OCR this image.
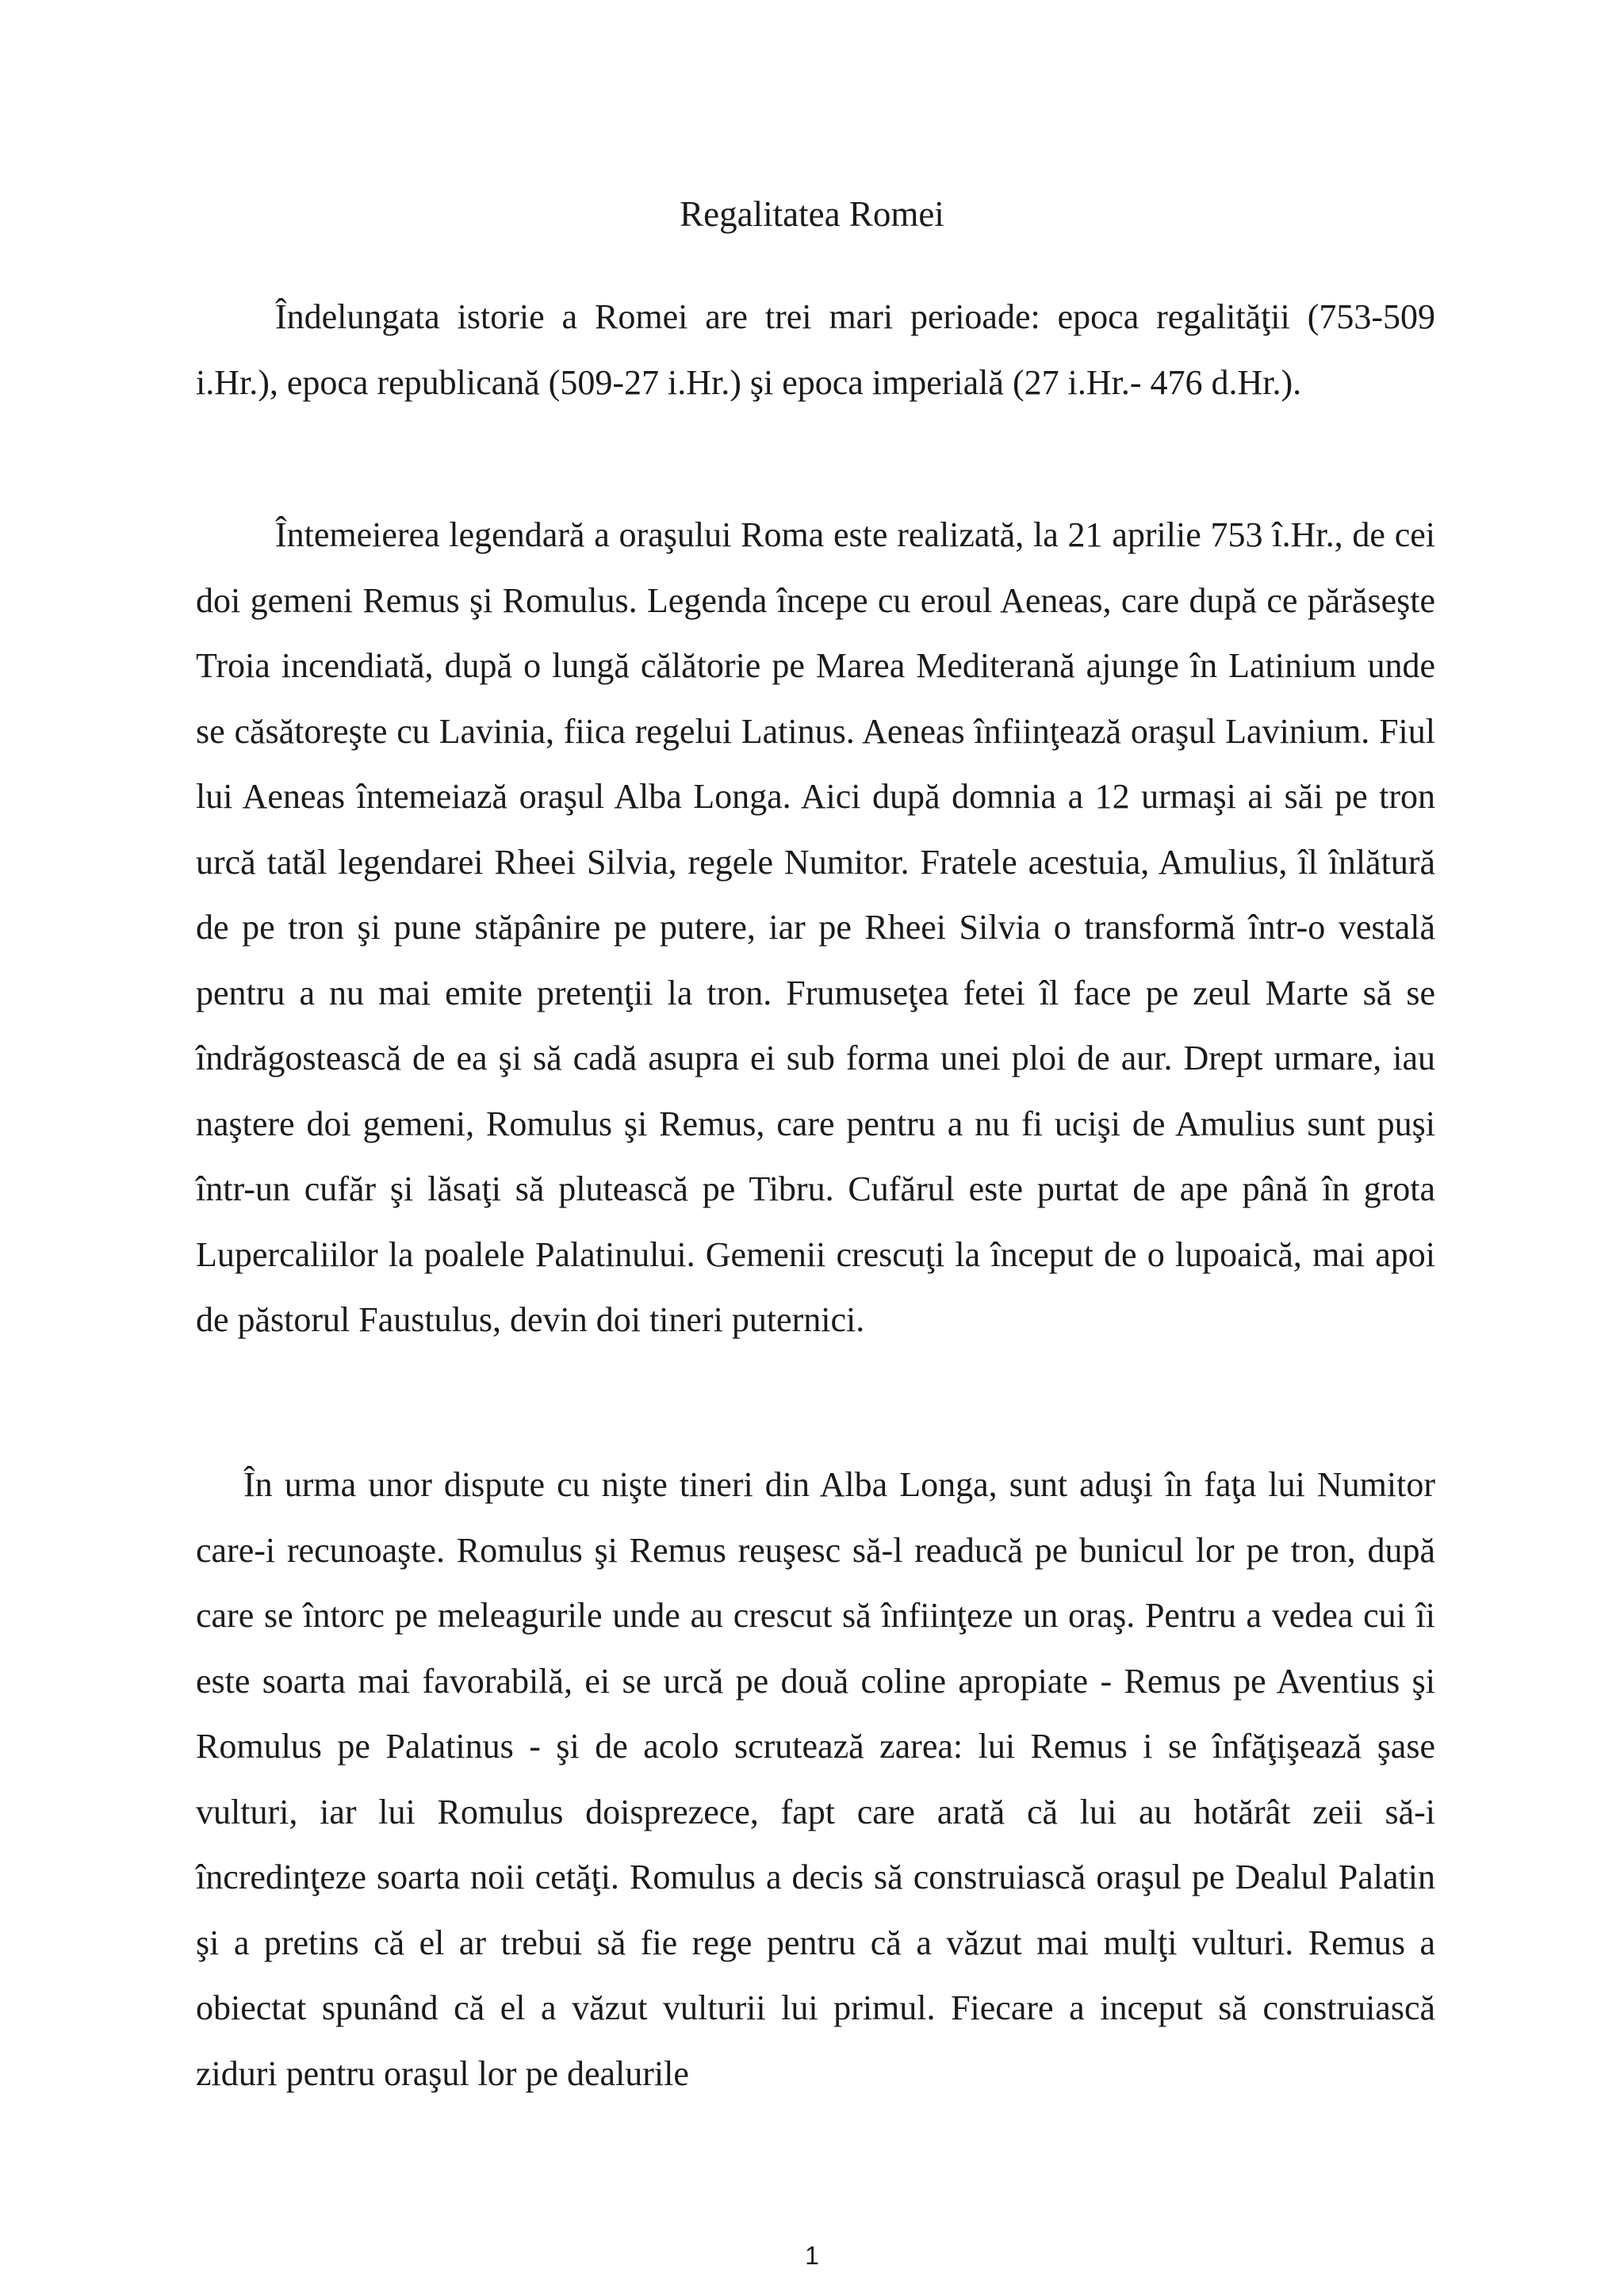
Regalitatea Romei

Îndelungata istorie a Romei are trei mari perioade: epoca regalităţii (753-509 i.Hr.), epoca republicană (509-27 i.Hr.) şi epoca imperială (27 i.Hr.- 476 d.Hr.).

Întemeierea legendară a oraşului Roma este realizată, la 21 aprilie 753 î.Hr., de cei doi gemeni Remus şi Romulus. Legenda începe cu eroul Aeneas, care după ce părăseşte Troia incendiată, după o lungă călătorie pe Marea Mediterană ajunge în Latinium unde se căsătoreşte cu Lavinia, fiica regelui Latinus. Aeneas înfiinţează oraşul Lavinium. Fiul lui Aeneas întemeiază oraşul Alba Longa. Aici după domnia a 12 urmaşi ai săi pe tron urcă tatăl legendarei Rheei Silvia, regele Numitor. Fratele acestuia, Amulius, îl înlătură de pe tron şi pune stăpânire pe putere, iar pe Rheei Silvia o transformă într-o vestală pentru a nu mai emite pretenţii la tron. Frumuseţea fetei îl face pe zeul Marte să se îndrăgostească de ea şi să cadă asupra ei sub forma unei ploi de aur. Drept urmare, iau naştere doi gemeni, Romulus şi Remus, care pentru a nu fi ucişi de Amulius sunt puşi într-un cufăr şi lăsaţi să plutească pe Tibru. Cufărul este purtat de ape până în grota Lupercaliilor la poalele Palatinului. Gemenii crescuţi la început de o lupoaică, mai apoi de păstorul Faustulus, devin doi tineri puternici.

În urma unor dispute cu nişte tineri din Alba Longa, sunt aduşi în faţa lui Numitor care-i recunoaşte. Romulus şi Remus reuşesc să-l readucă pe bunicul lor pe tron, după care se întorc pe meleagurile unde au crescut să înfiinţeze un oraş. Pentru a vedea cui îi este soarta mai favorabilă, ei se urcă pe două coline apropiate - Remus pe Aventius şi Romulus pe Palatinus - şi de acolo scrutează zarea: lui Remus i se înfăţişează şase vulturi, iar lui Romulus doisprezece, fapt care arată că lui au hotărât zeii să-i încredinţeze soarta noii cetăţi. Romulus a decis să construiască oraşul pe Dealul Palatin şi a pretins că el ar trebui să fie rege pentru că a văzut mai mulţi vulturi. Remus a obiectat spunând că el a văzut vulturii lui primul. Fiecare a inceput să construiască ziduri pentru oraşul lor pe dealurile

1
